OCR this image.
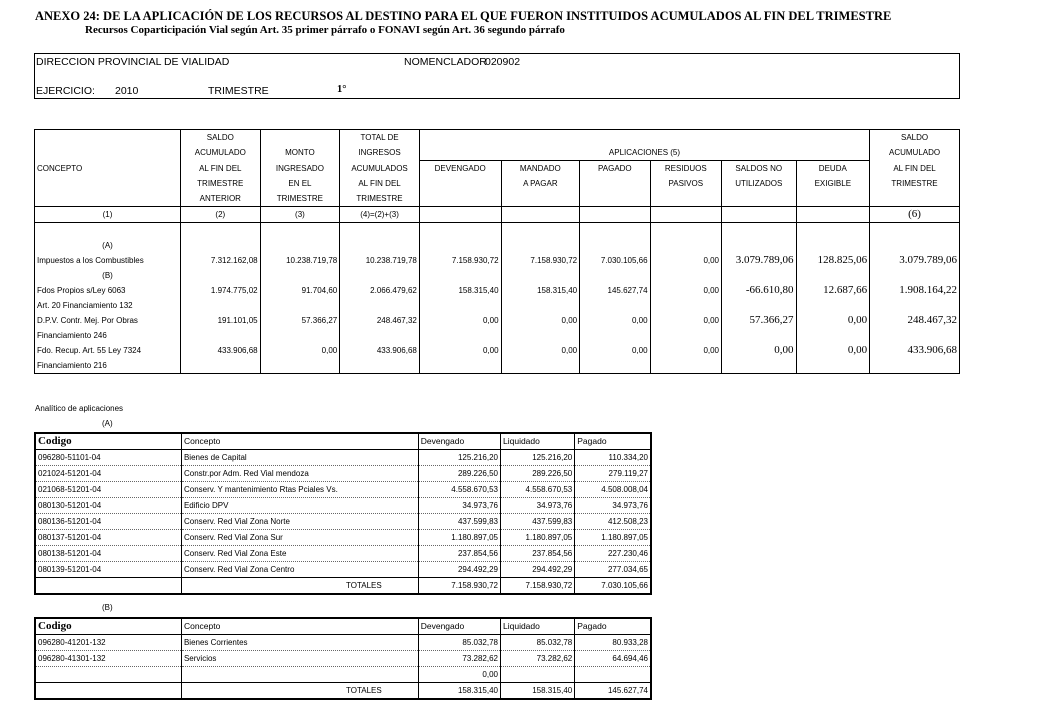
ANEXO 24: DE LA APLICACIÓN DE LOS RECURSOS AL DESTINO PARA EL QUE FUERON INSTITUIDOS ACUMULADOS AL FIN DEL TRIMESTRE
Recursos Coparticipación Vial según Art. 35 primer párrafo o FONAVI según Art. 36 segundo párrafo
DIRECCION PROVINCIAL DE VIALIDAD	NOMENCLADOR
020902
EJERCICIO: 2010	TRIMESTRE	1°
	SALDO		TOTAL DE							SALDO
	ACUMULADO	MONTO	INGRESOS	APLICACIONES (5)						ACUMULADO
CONCEPTO	AL FIN DEL	INGRESADO	ACUMULADOS	DEVENGADO	MANDADO	PAGADO	RESIDUOS	SALDOS NO	DEUDA	AL FIN DEL
	TRIMESTRE	EN EL	AL FIN DEL		A PAGAR		PASIVOS	UTILIZADOS	EXIGIBLE	TRIMESTRE
	ANTERIOR	TRIMESTRE	TRIMESTRE							
(1)	(2)	(3)	(4)=(2)+(3)							(6)

(A)										
Impuestos a los Combustibles	7.312.162,08	10.238.719,78	10.238.719,78	7.158.930,72	7.158.930,72	7.030.105,66	0,00	3.079.789,06	128.825,06	3.079.789,06
(B)										
Fdos Propios s/Ley 6063	1.974.775,02	91.704,60	2.066.479,62	158.315,40	158.315,40	145.627,74	0,00	-66.610,80	12.687,66	1.908.164,22
Art. 20 Financiamiento 132										
D.P.V. Contr. Mej. Por Obras	191.101,05	57.366,27	248.467,32	0,00	0,00	0,00	0,00	57.366,27	0,00	248.467,32
Financiamiento 246										
Fdo. Recup. Art. 55 Ley 7324	433.906,68	0,00	433.906,68	0,00	0,00	0,00	0,00	0,00	0,00	433.906,68
Financiamiento 216										
Analítico de aplicaciones
(A)
Codigo	Concepto	Devengado	Liquidado	Pagado
096280-51101-04	Bienes de Capital	125.216,20	125.216,20	110.334,20
021024-51201-04	Constr.por Adm. Red Vial mendoza	289.226,50	289.226,50	279.119,27
021068-51201-04	Conserv. Y mantenimiento Rtas Pciales Vs.	4.558.670,53	4.558.670,53	4.508.008,04
080130-51201-04	Edificio DPV	34.973,76	34.973,76	34.973,76
080136-51201-04	Conserv. Red Vial Zona Norte	437.599,83	437.599,83	412.508,23
080137-51201-04	Conserv. Red Vial Zona Sur	1.180.897,05	1.180.897,05	1.180.897,05
080138-51201-04	Conserv. Red Vial Zona Este	237.854,56	237.854,56	227.230,46
080139-51201-04	Conserv. Red Vial Zona Centro	294.492,29	294.492,29	277.034,65
	TOTALES	7.158.930,72	7.158.930,72	7.030.105,66
(B)
Codigo	Concepto	Devengado	Liquidado	Pagado
096280-41201-132	Bienes Corrientes	85.032,78	85.032,78	80.933,28
096280-41301-132	Servicios	73.282,62	73.282,62	64.694,46
		0,00		
	TOTALES	158.315,40	158.315,40	145.627,74
